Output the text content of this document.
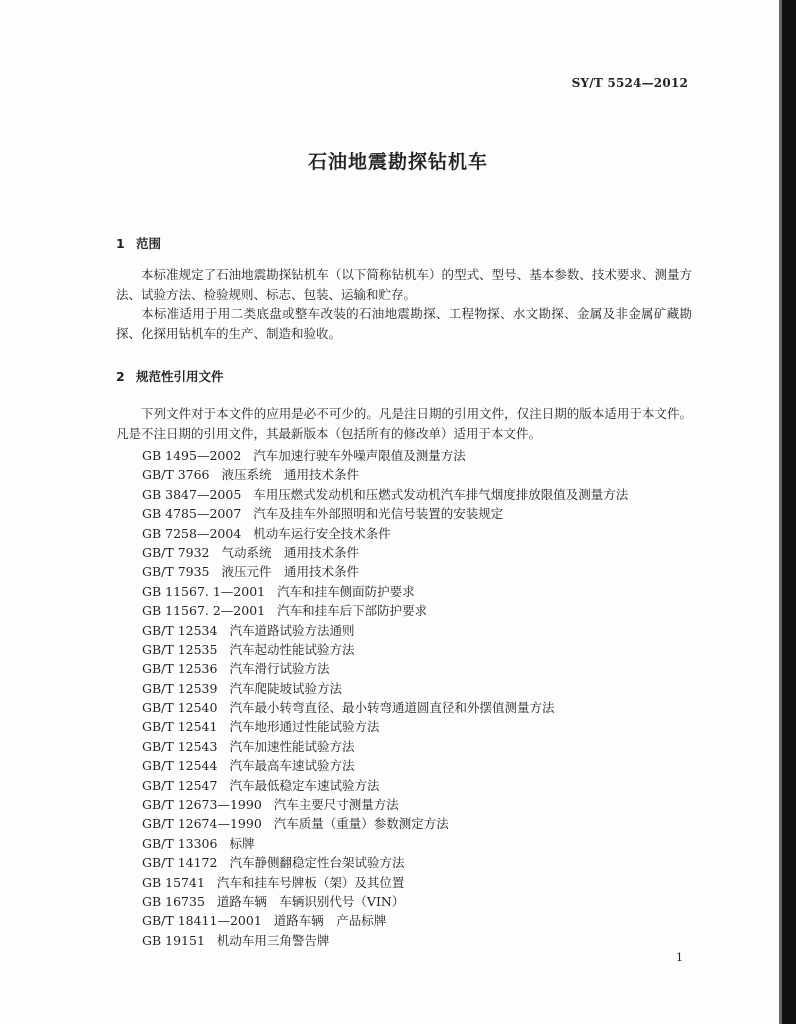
SY/T 5524—2012
石油地震勘探钻机车
1 范围

本标准规定了石油地震勘探钻机车（以下简称钻机车）的型式、型号、基本参数、技术要求、测量方法、试验方法、检验规则、标志、包装、运输和贮存。

本标准适用于用二类底盘或整车改装的石油地震勘探、工程物探、水文勘探、金属及非金属矿藏勘探、化探用钻机车的生产、制造和验收。

2 规范性引用文件

下列文件对于本文件的应用是必不可少的。凡是注日期的引用文件，仅注日期的版本适用于本文件。凡是不注日期的引用文件，其最新版本（包括所有的修改单）适用于本文件。

GB 1495—2002 汽车加速行驶车外噪声限值及测量方法
GB/T 3766 液压系统　通用技术条件
GB 3847—2005 车用压燃式发动机和压燃式发动机汽车排气烟度排放限值及测量方法
GB 4785—2007 汽车及挂车外部照明和光信号装置的安装规定
GB 7258—2004 机动车运行安全技术条件
GB/T 7932 气动系统　通用技术条件
GB/T 7935 液压元件　通用技术条件
GB 11567. 1—2001 汽车和挂车侧面防护要求
GB 11567. 2—2001 汽车和挂车后下部防护要求
GB/T 12534 汽车道路试验方法通则
GB/T 12535 汽车起动性能试验方法
GB/T 12536 汽车滑行试验方法
GB/T 12539 汽车爬陡坡试验方法
GB/T 12540 汽车最小转弯直径、最小转弯通道圆直径和外摆值测量方法
GB/T 12541 汽车地形通过性能试验方法
GB/T 12543 汽车加速性能试验方法
GB/T 12544 汽车最高车速试验方法
GB/T 12547 汽车最低稳定车速试验方法
GB/T 12673—1990 汽车主要尺寸测量方法
GB/T 12674—1990 汽车质量（重量）参数测定方法
GB/T 13306 标牌
GB/T 14172 汽车静侧翻稳定性台架试验方法
GB 15741 汽车和挂车号牌板（架）及其位置
GB 16735 道路车辆　车辆识别代号（VIN）
GB/T 18411—2001 道路车辆　产品标牌
GB 19151 机动车用三角警告牌
1
